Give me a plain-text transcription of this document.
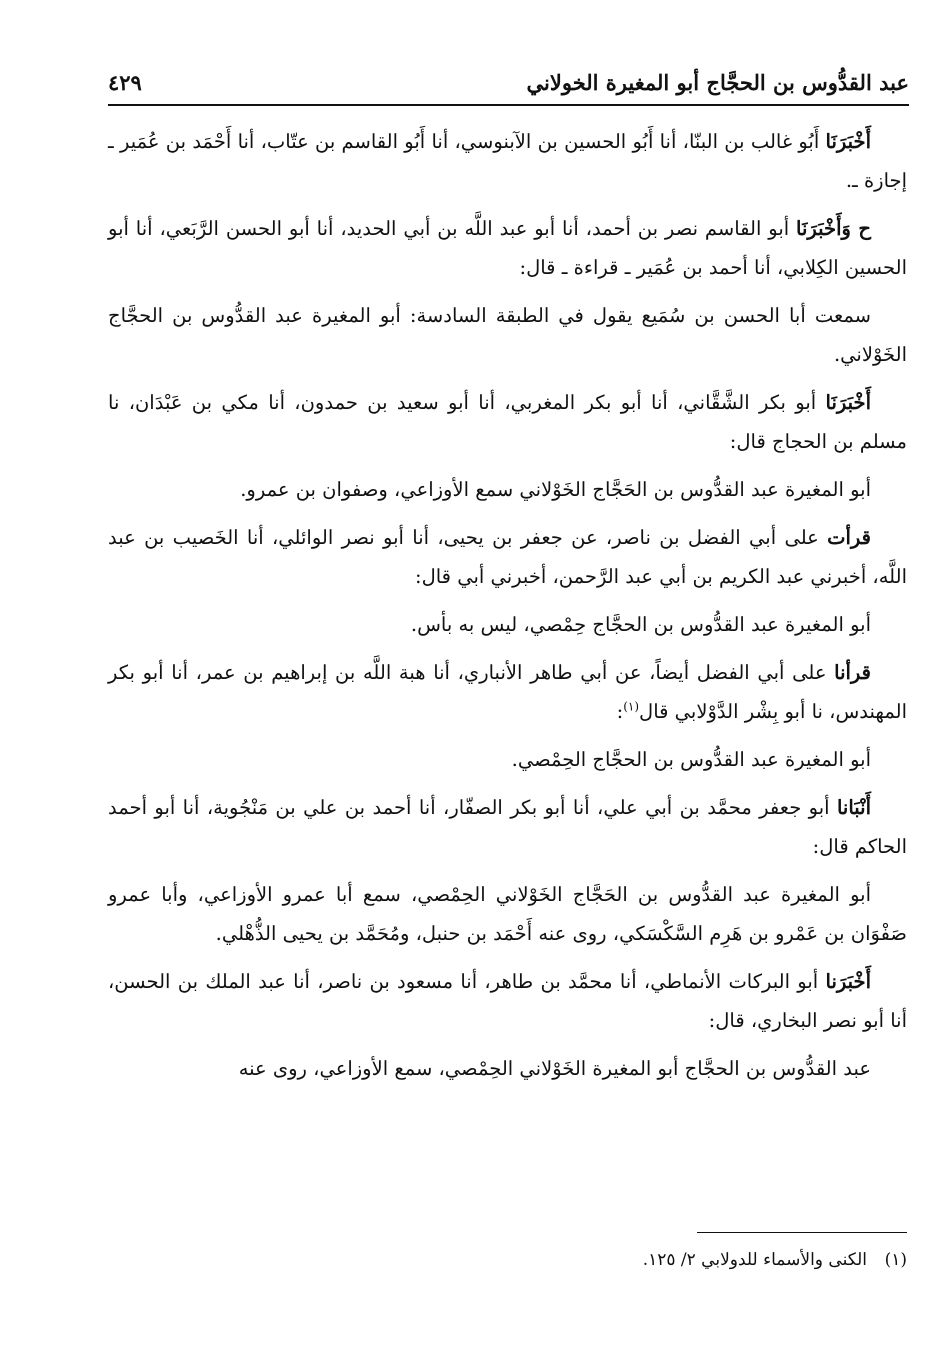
عبد القدُّوس بن الحجَّاج أبو المغيرة الخولاني
٤٢٩

أَخْبَرَنَا أَبُو غالب بن البنّا، أنا أَبُو الحسين بن الآبنوسي، أنا أَبُو القاسم بن عتّاب، أنا أَحْمَد بن عُمَير ـ إجازة ـ.

ح وَأَخْبَرَنَا أبو القاسم نصر بن أحمد، أنا أبو عبد اللَّه بن أبي الحديد، أنا أبو الحسن الرَّبَعي، أنا أبو الحسين الكِلابي، أنا أحمد بن عُمَير ـ قراءة ـ قال:

سمعت أبا الحسن بن سُمَيع يقول في الطبقة السادسة: أبو المغيرة عبد القدُّوس بن الحجَّاج الخَوْلاني.

أَخْبَرَنَا أبو بكر الشَّقَّاني، أنا أبو بكر المغربي، أنا أبو سعيد بن حمدون، أنا مكي بن عَبْدَان، نا مسلم بن الحجاج قال:

أبو المغيرة عبد القدُّوس بن الحَجَّاج الخَوْلاني سمع الأوزاعي، وصفوان بن عمرو.

قرأت على أبي الفضل بن ناصر، عن جعفر بن يحيى، أنا أبو نصر الوائلي، أنا الخَصيب بن عبد اللَّه، أخبرني عبد الكريم بن أبي عبد الرَّحمن، أخبرني أبي قال:

أبو المغيرة عبد القدُّوس بن الحجَّاج حِمْصي، ليس به بأس.

قرأنا على أبي الفضل أيضاً، عن أبي طاهر الأنباري، أنا هبة اللَّه بن إبراهيم بن عمر، أنا أبو بكر المهندس، نا أبو بِشْر الدَّوْلابي قال$^{(١)}$:

أبو المغيرة عبد القدُّوس بن الحجَّاج الحِمْصي.

أَنْبَانا أبو جعفر محمَّد بن أبي علي، أنا أبو بكر الصفّار، أنا أحمد بن علي بن مَنْجُوية، أنا أبو أحمد الحاكم قال:

أبو المغيرة عبد القدُّوس بن الحَجَّاج الخَوْلاني الحِمْصي، سمع أبا عمرو الأوزاعي، وأبا عمرو صَفْوَان بن عَمْرو بن هَرِم السَّكْسَكي، روى عنه أَحْمَد بن حنبل، ومُحَمَّد بن يحيى الذُّهْلي.

أَخْبَرَنا أبو البركات الأنماطي، أنا محمَّد بن طاهر، أنا مسعود بن ناصر، أنا عبد الملك بن الحسن، أنا أبو نصر البخاري، قال:

عبد القدُّوس بن الحجَّاج أبو المغيرة الخَوْلاني الحِمْصي، سمع الأوزاعي، روى عنه

(١)الكنى والأسماء للدولابي ٢/ ١٢٥.
